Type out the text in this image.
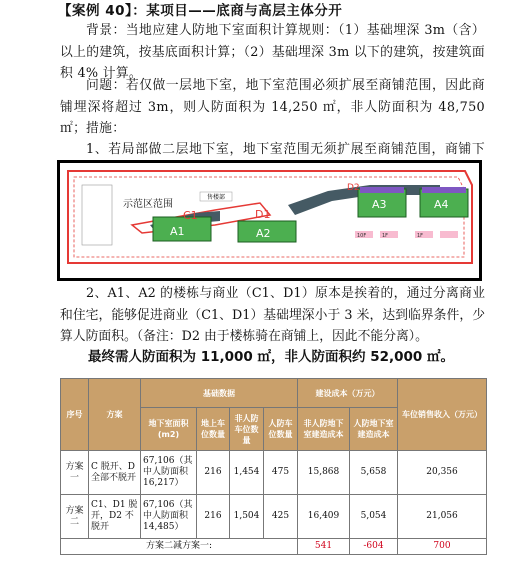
【案例 40】：某项目——底商与高层主体分开
背景：当地应建人防地下室面积计算规则：（1）基础埋深 3m（含）以上的建筑，按基底面积计算；（2）基础埋深 3m 以下的建筑，按建筑面积 4% 计算。
问题：若仅做一层地下室，地下室范围必须扩展至商铺范围，因此商铺埋深将超过 3m，则人防面积为 14,250 ㎡，非人防面积为 48,750 ㎡； 措施：
1、若局部做二层地下室，地下室范围无须扩展至商铺范围，商铺下
售楼部
示范区范围
C1	D1
D2
A1	A2
A3	A4
10F	1F	1F
2、A1、A2 的楼栋与商业（C1、D1）原本是挨着的，通过分离商业和住宅，能够促进商业（C1、D1）基础埋深小于 3 米，达到临界条件，少算人防面积。（备注：D2 由于楼栋骑在商铺上，因此不能分离）。
最终需人防面积为 11,000 ㎡，非人防面积约 52,000 ㎡。
序号	方案	基础数据				建设成本（万元）		车位销售收入（万元）
		地下室面积(m2)	地上车位数量	非人防车位数量	人防车位数量	非人防地下室建造成本	人防地下室建造成本	
方案一	C 脱开、D 全部不脱开	67,106（其中人防面积 16,217）	216	1,454	475	15,868	5,658	20,356
方案二	C1、D1 脱开，D2 不脱开	67,106（其中人防面积 14,485）	216	1,504	425	16,409	5,054	21,056
方案二减方案一:						541	-604	700
